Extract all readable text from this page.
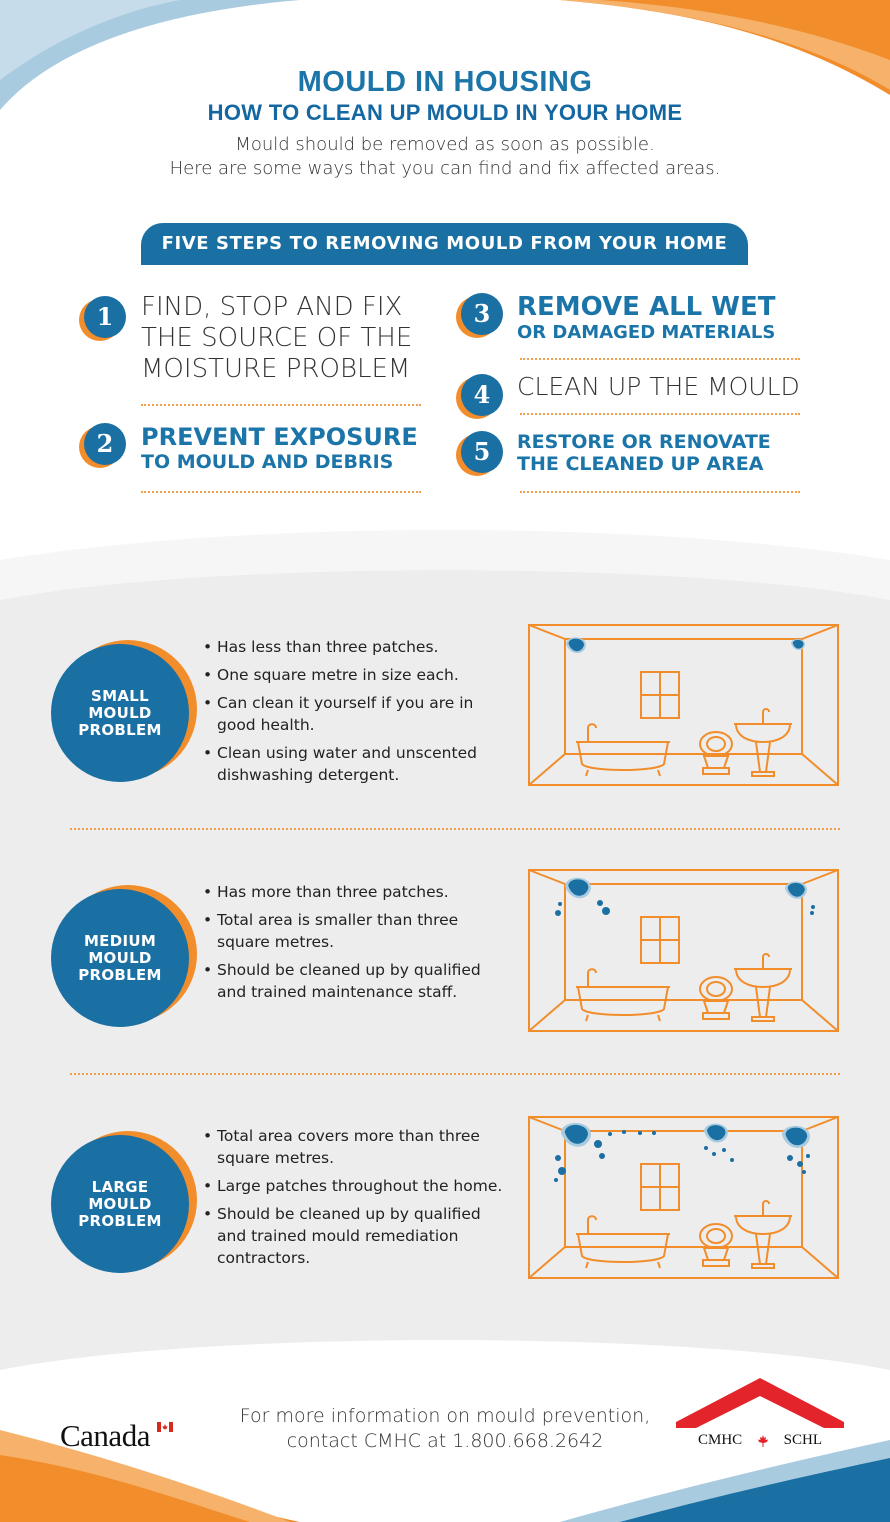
MOULD IN HOUSING
HOW TO CLEAN UP MOULD IN YOUR HOME
Mould should be removed as soon as possible.
Here are some ways that you can find and fix affected areas.
FIVE STEPS TO REMOVING MOULD FROM YOUR HOME
1	FIND, STOP AND FIX
THE SOURCE OF THE
MOISTURE PROBLEM
2	PREVENT EXPOSURE
TO MOULD AND DEBRIS
3	REMOVE ALL WET
OR DAMAGED MATERIALS
4	CLEAN UP THE MOULD
5	RESTORE OR RENOVATE
THE CLEANED UP AREA
SMALL
MOULD
PROBLEM
• Has less than three patches.
• One square metre in size each.
• Can clean it yourself if you are in
good health.
• Clean using water and unscented
dishwashing detergent.
MEDIUM
MOULD
PROBLEM
• Has more than three patches.
• Total area is smaller than three
square metres.
• Should be cleaned up by qualified
and trained maintenance staff.
LARGE
MOULD
PROBLEM
• Total area covers more than three
square metres.
• Large patches throughout the home.
• Should be cleaned up by qualified
and trained mould remediation
contractors.
For more information on mould prevention,
contact CMHC at 1.800.668.2642
Canada	CMHC	SCHL
